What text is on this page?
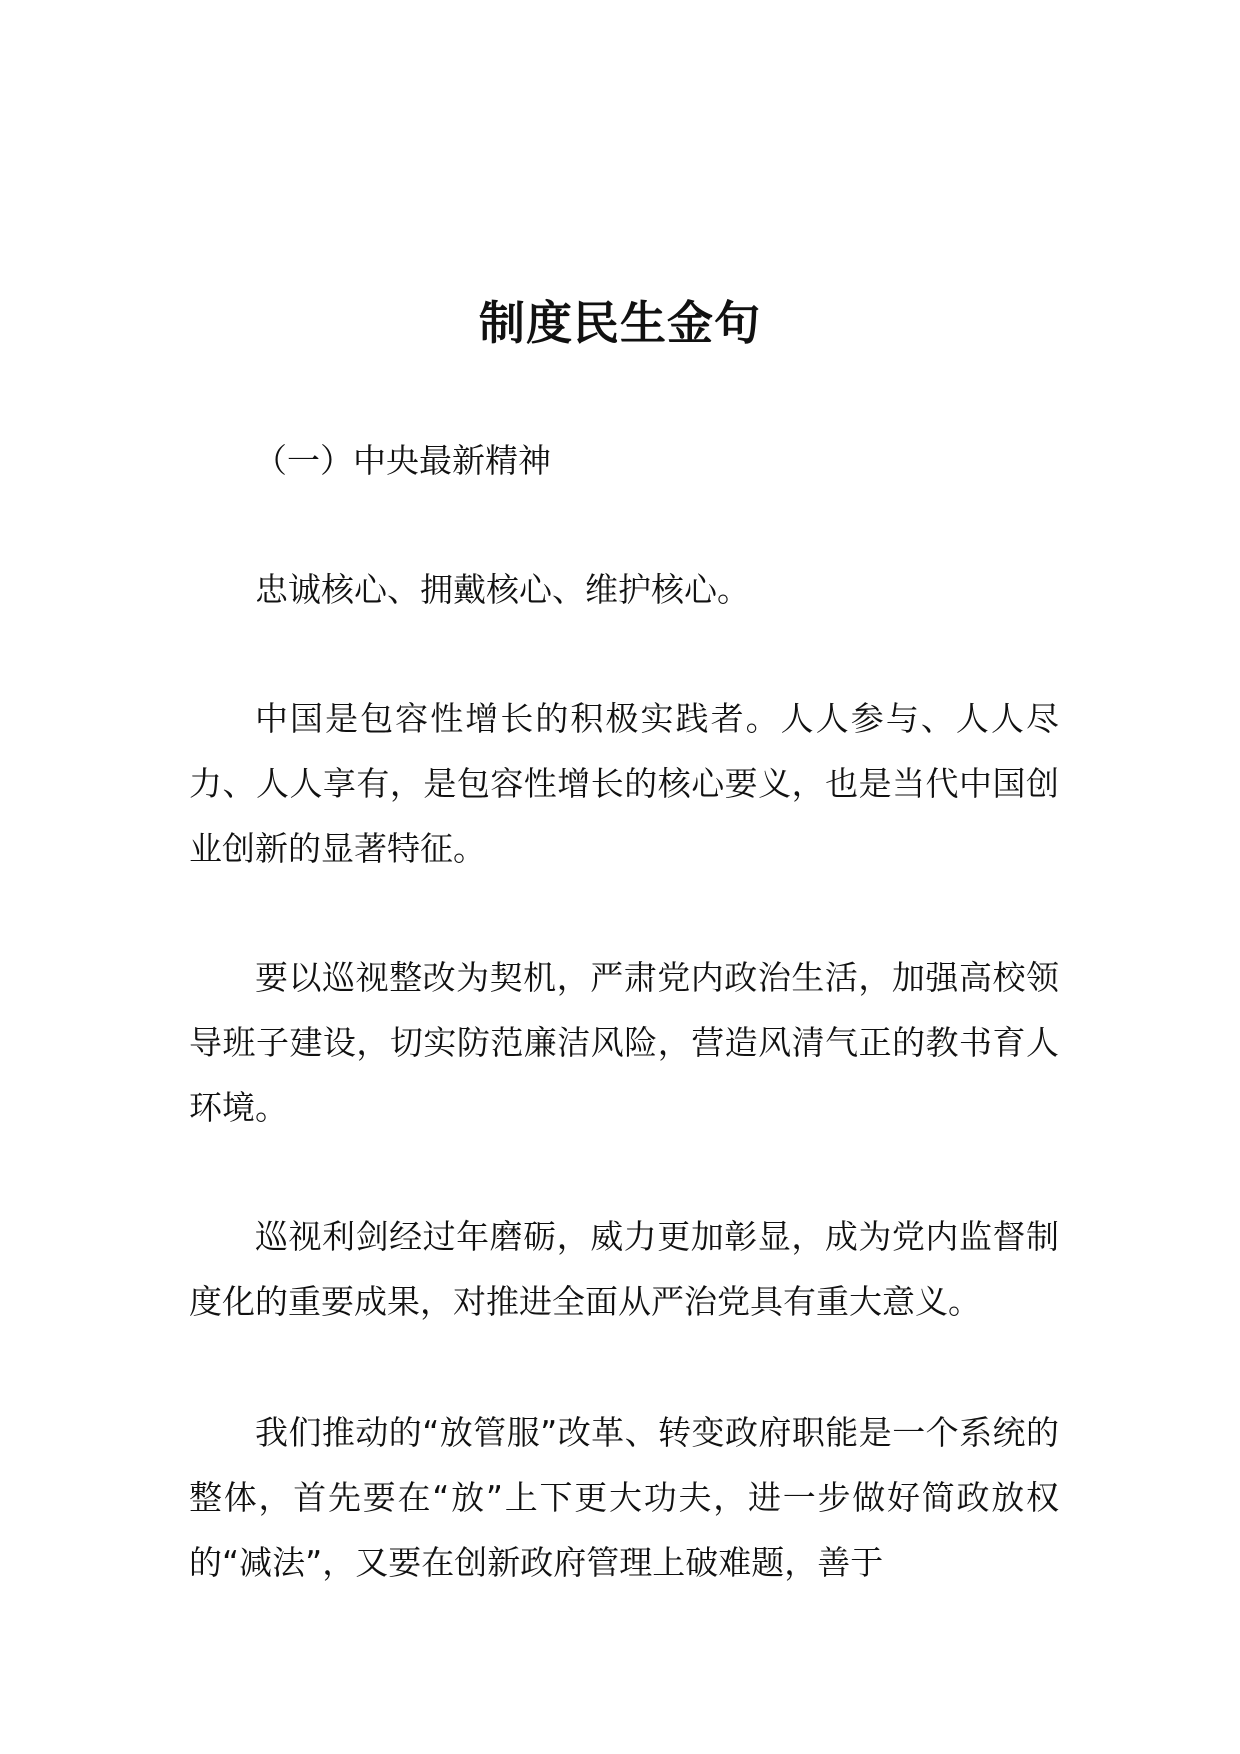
制度民生金句
（一）中央最新精神

忠诚核心、拥戴核心、维护核心。

中国是包容性增长的积极实践者。人人参与、人人尽力、人人享有，是包容性增长的核心要义，也是当代中国创业创新的显著特征。

要以巡视整改为契机，严肃党内政治生活，加强高校领导班子建设，切实防范廉洁风险，营造风清气正的教书育人环境。

巡视利剑经过年磨砺，威力更加彰显，成为党内监督制度化的重要成果，对推进全面从严治党具有重大意义。

我们推动的“放管服”改革、转变政府职能是一个系统的整体，首先要在“放”上下更大功夫，进一步做好简政放权的“减法”，又要在创新政府管理上破难题，善于
